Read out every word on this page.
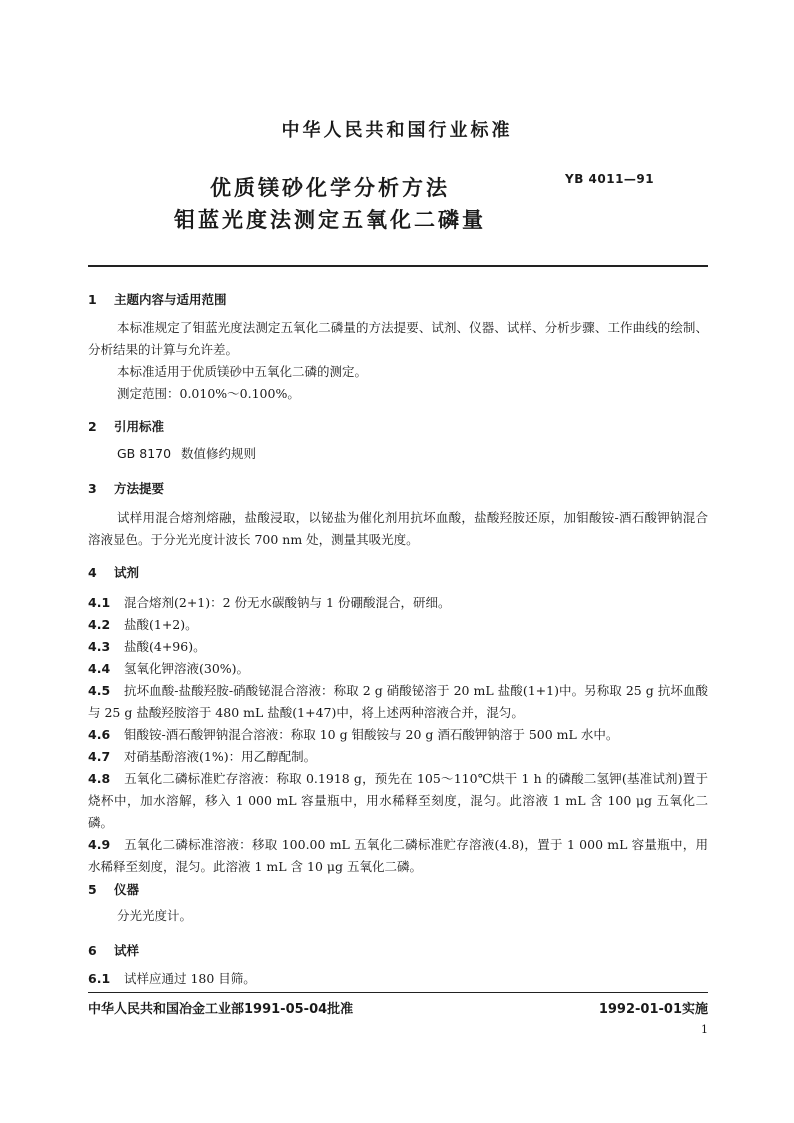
中华人民共和国行业标准
优质镁砂化学分析方法
钼蓝光度法测定五氧化二磷量
YB 4011—91
1 主题内容与适用范围
本标准规定了钼蓝光度法测定五氧化二磷量的方法提要、试剂、仪器、试样、分析步骤、工作曲线的绘制、分析结果的计算与允许差。
本标准适用于优质镁砂中五氧化二磷的测定。
测定范围：0.010%～0.100%。
2 引用标准
GB 8170 数值修约规则
3 方法提要
试样用混合熔剂熔融，盐酸浸取，以铋盐为催化剂用抗坏血酸，盐酸羟胺还原，加钼酸铵-酒石酸钾钠混合溶液显色。于分光光度计波长 700 nm 处，测量其吸光度。
4 试剂
4.1 混合熔剂(2+1)：2 份无水碳酸钠与 1 份硼酸混合，研细。
4.2 盐酸(1+2)。
4.3 盐酸(4+96)。
4.4 氢氧化钾溶液(30%)。
4.5 抗坏血酸-盐酸羟胺-硝酸铋混合溶液：称取 2 g 硝酸铋溶于 20 mL 盐酸(1+1)中。另称取 25 g 抗坏血酸与 25 g 盐酸羟胺溶于 480 mL 盐酸(1+47)中，将上述两种溶液合并，混匀。
4.6 钼酸铵-酒石酸钾钠混合溶液：称取 10 g 钼酸铵与 20 g 酒石酸钾钠溶于 500 mL 水中。
4.7 对硝基酚溶液(1%)：用乙醇配制。
4.8 五氧化二磷标准贮存溶液：称取 0.1918 g，预先在 105～110℃烘干 1 h 的磷酸二氢钾(基准试剂)置于烧杯中，加水溶解，移入 1 000 mL 容量瓶中，用水稀释至刻度，混匀。此溶液 1 mL 含 100 μg 五氧化二磷。
4.9 五氧化二磷标准溶液：移取 100.00 mL 五氧化二磷标准贮存溶液(4.8)，置于 1 000 mL 容量瓶中，用水稀释至刻度，混匀。此溶液 1 mL 含 10 μg 五氧化二磷。
5 仪器
分光光度计。
6 试样
6.1 试样应通过 180 目筛。
中华人民共和国冶金工业部1991-05-04批准	1992-01-01实施
1
